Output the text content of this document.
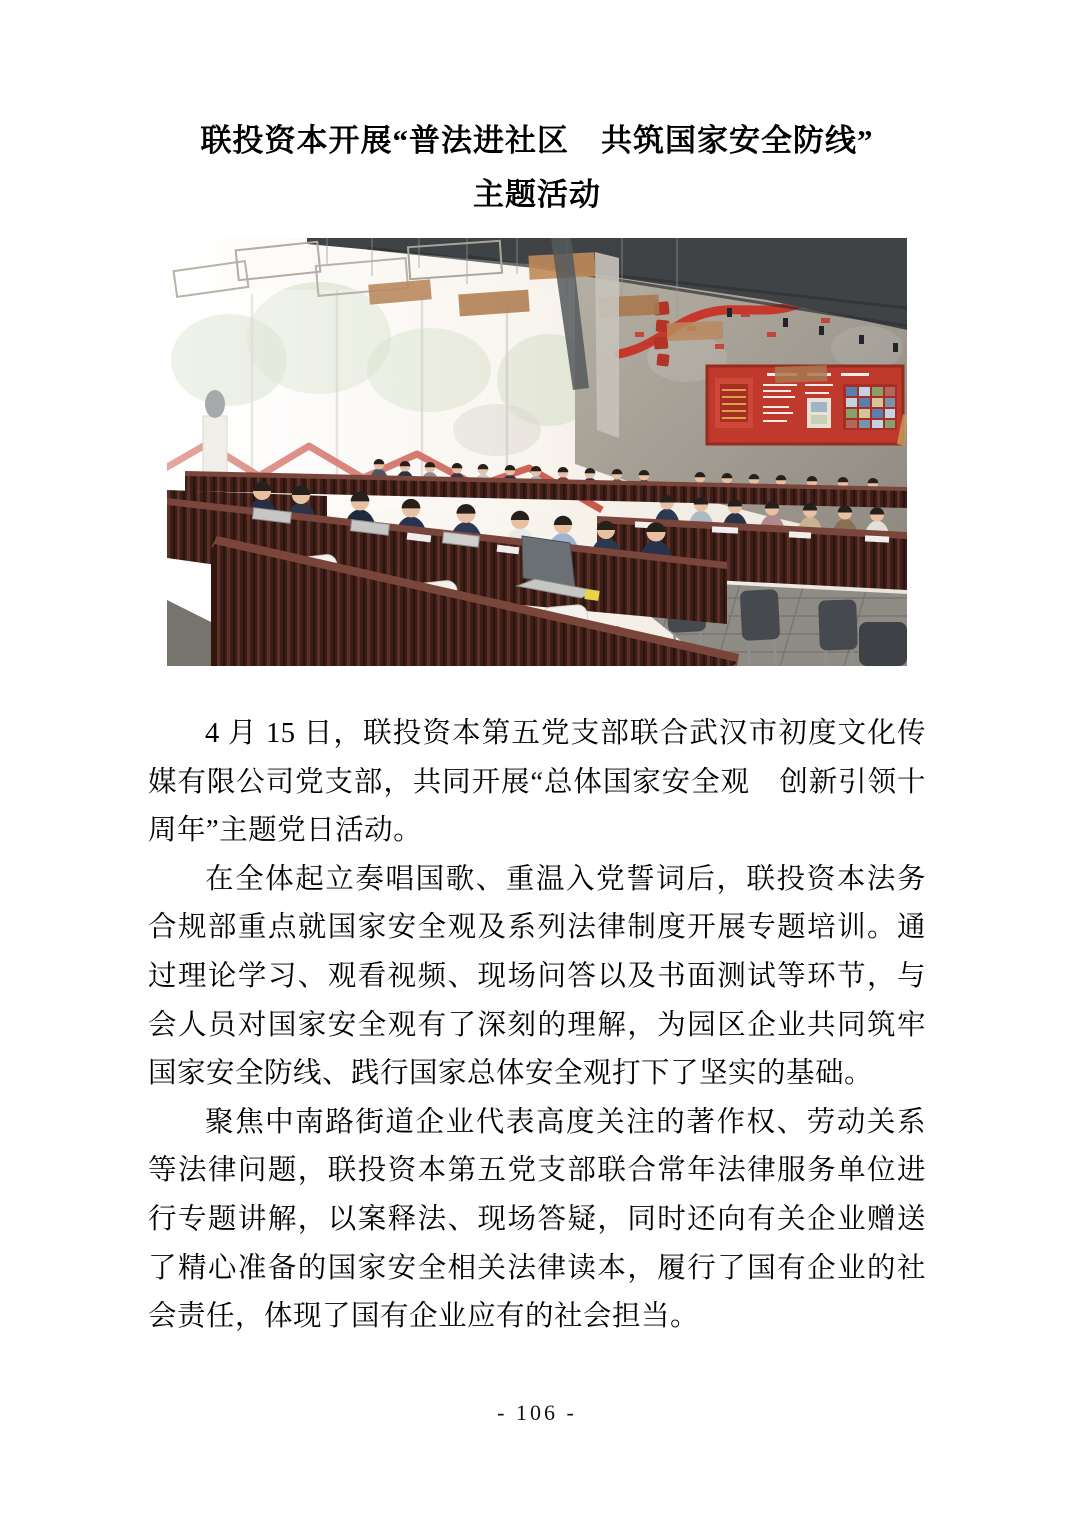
联投资本开展“普法进社区　共筑国家安全防线”
主题活动

4 月 15 日，联投资本第五党支部联合武汉市初度文化传媒有限公司党支部，共同开展“总体国家安全观　创新引领十周年”主题党日活动。

在全体起立奏唱国歌、重温入党誓词后，联投资本法务合规部重点就国家安全观及系列法律制度开展专题培训。通过理论学习、观看视频、现场问答以及书面测试等环节，与会人员对国家安全观有了深刻的理解，为园区企业共同筑牢国家安全防线、践行国家总体安全观打下了坚实的基础。

聚焦中南路街道企业代表高度关注的著作权、劳动关系等法律问题，联投资本第五党支部联合常年法律服务单位进行专题讲解，以案释法、现场答疑，同时还向有关企业赠送了精心准备的国家安全相关法律读本，履行了国有企业的社会责任，体现了国有企业应有的社会担当。

- 106 -
